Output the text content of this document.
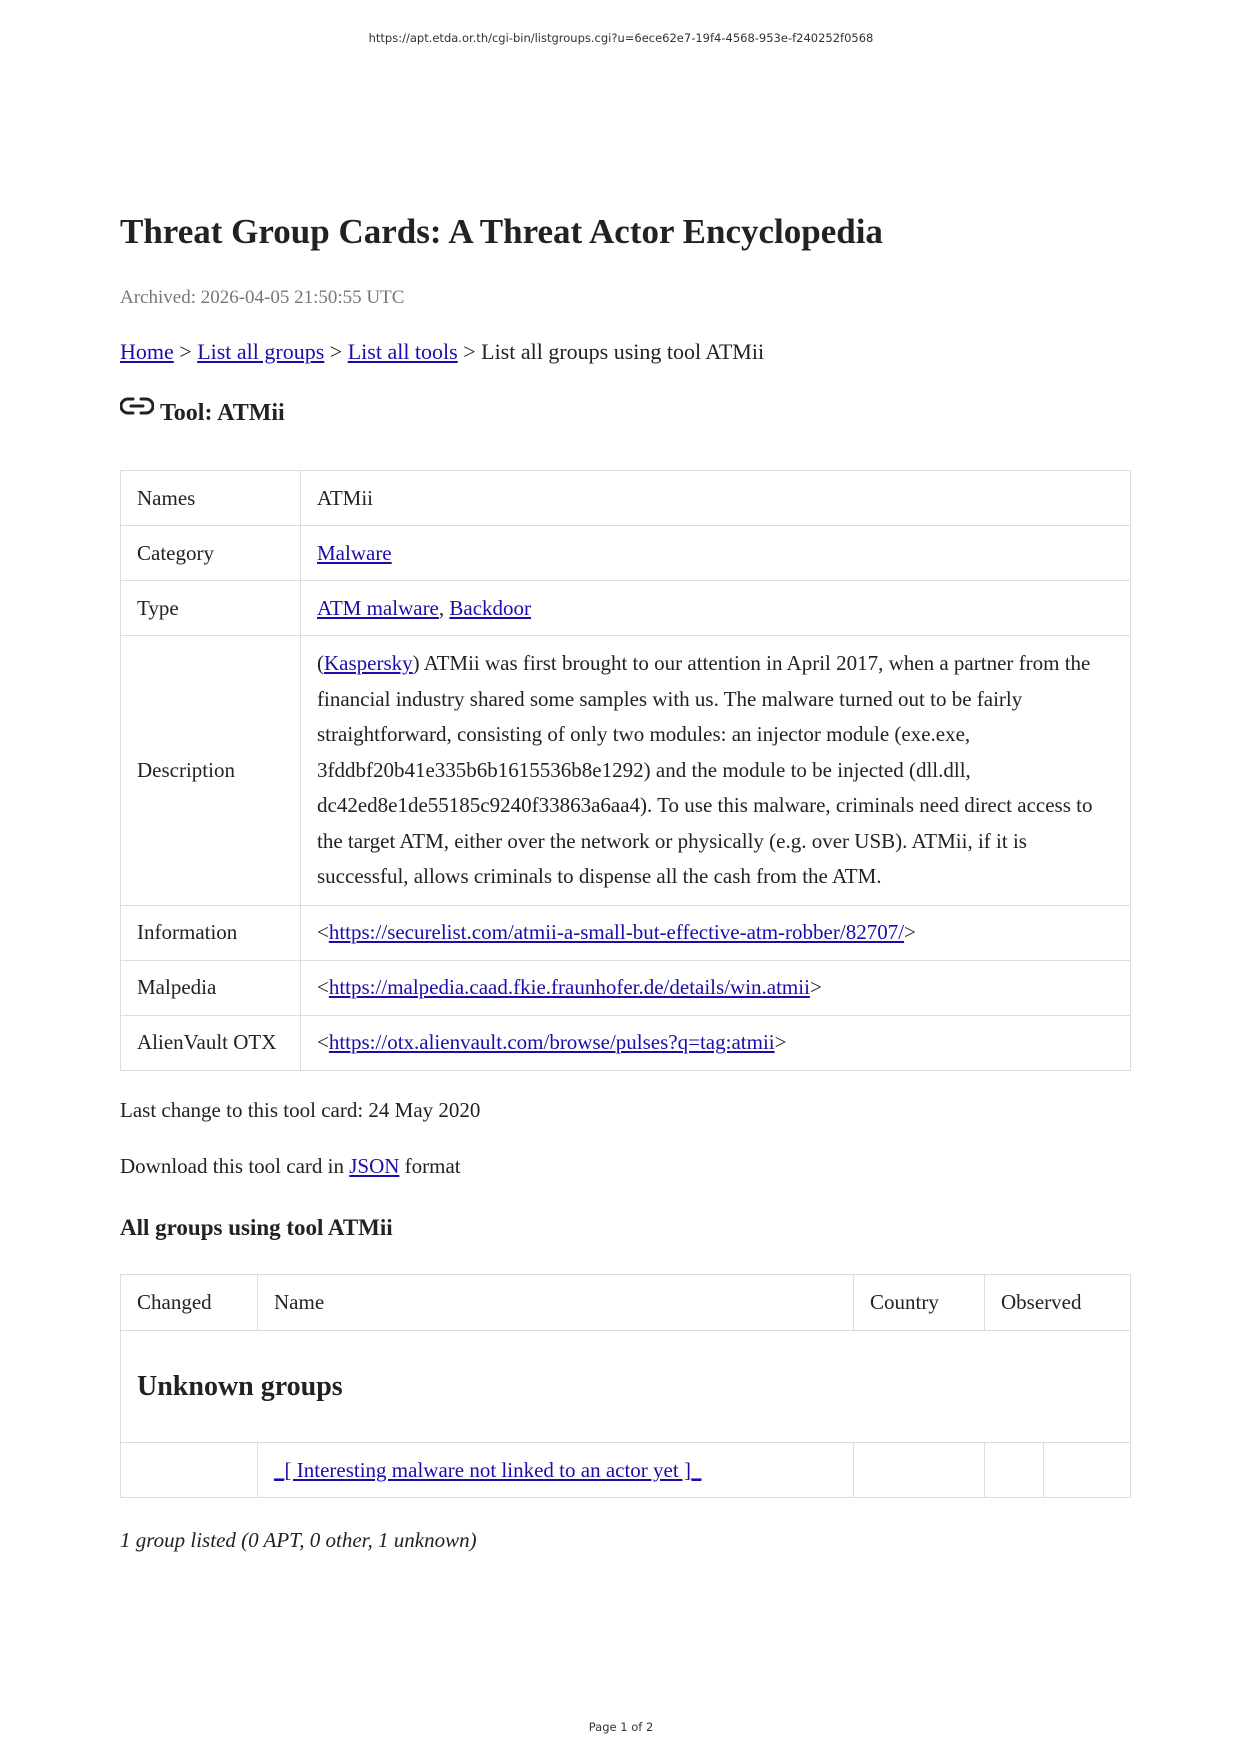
https://apt.etda.or.th/cgi-bin/listgroups.cgi?u=6ece62e7-19f4-4568-953e-f240252f0568
Threat Group Cards: A Threat Actor Encyclopedia
Archived: 2026-04-05 21:50:55 UTC
Home > List all groups > List all tools > List all groups using tool ATMii
Tool: ATMii
Names	ATMii
Category	Malware
Type	ATM malware, Backdoor
Description	(Kaspersky) ATMii was first brought to our attention in April 2017, when a partner from the financial industry shared some samples with us. The malware turned out to be fairly straightforward, consisting of only two modules: an injector module (exe.exe, 3fddbf20b41e335b6b1615536b8e1292) and the module to be injected (dll.dll, dc42ed8e1de55185c9240f33863a6aa4). To use this malware, criminals need direct access to the target ATM, either over the network or physically (e.g. over USB). ATMii, if it is successful, allows criminals to dispense all the cash from the ATM.
Information	<https://securelist.com/atmii-a-small-but-effective-atm-robber/82707/>
Malpedia	<https://malpedia.caad.fkie.fraunhofer.de/details/win.atmii>
AlienVault OTX	<https://otx.alienvault.com/browse/pulses?q=tag:atmii>
Last change to this tool card: 24 May 2020
Download this tool card in JSON format
All groups using tool ATMii
Changed	Name	Country	Observed	
Unknown groups				
	_[ Interesting malware not linked to an actor yet ]_			
1 group listed (0 APT, 0 other, 1 unknown)
Page 1 of 2
